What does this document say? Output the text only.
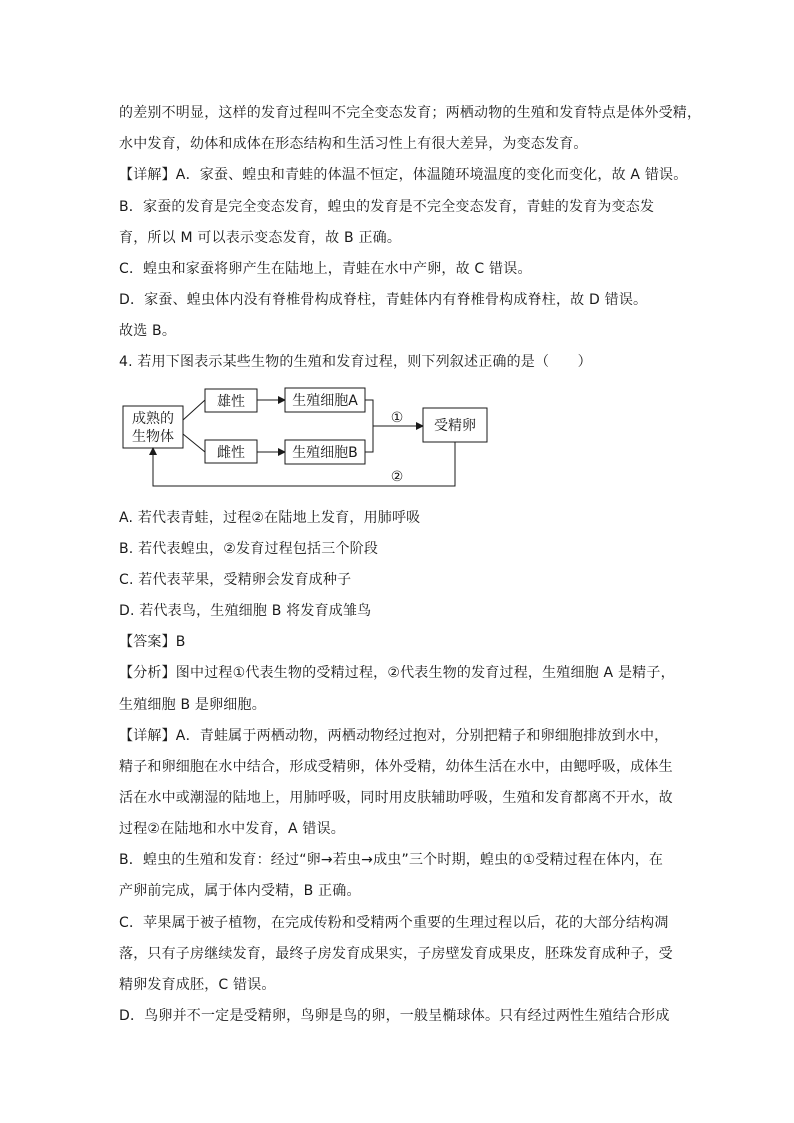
的差别不明显，这样的发育过程叫不完全变态发育；两栖动物的生殖和发育特点是体外受精，
水中发育，幼体和成体在形态结构和生活习性上有很大差异，为变态发育。
【详解】A．家蚕、蝗虫和青蛙的体温不恒定，体温随环境温度的变化而变化，故 A 错误。
B．家蚕的发育是完全变态发育，蝗虫的发育是不完全变态发育，青蛙的发育为变态发
育，所以 M 可以表示变态发育，故 B 正确。
C．蝗虫和家蚕将卵产生在陆地上，青蛙在水中产卵，故 C 错误。
D．家蚕、蝗虫体内没有脊椎骨构成脊柱，青蛙体内有脊椎骨构成脊柱，故 D 错误。
故选 B。
4. 若用下图表示某些生物的生殖和发育过程，则下列叙述正确的是（　　）
成熟的
生物体
雄性
雌性
生殖细胞A
生殖细胞B
① 受精卵
②
A. 若代表青蛙，过程②在陆地上发育，用肺呼吸
B. 若代表蝗虫，②发育过程包括三个阶段
C. 若代表苹果，受精卵会发育成种子
D. 若代表鸟，生殖细胞 B 将发育成雏鸟
【答案】B
【分析】图中过程①代表生物的受精过程，②代表生物的发育过程，生殖细胞 A 是精子，
生殖细胞 B 是卵细胞。
【详解】A．青蛙属于两栖动物，两栖动物经过抱对，分别把精子和卵细胞排放到水中，
精子和卵细胞在水中结合，形成受精卵，体外受精，幼体生活在水中，由鳃呼吸，成体生
活在水中或潮湿的陆地上，用肺呼吸，同时用皮肤辅助呼吸，生殖和发育都离不开水，故
过程②在陆地和水中发育，A 错误。
B．蝗虫的生殖和发育：经过“卵→若虫→成虫”三个时期，蝗虫的①受精过程在体内，在
产卵前完成，属于体内受精，B 正确。
C．苹果属于被子植物，在完成传粉和受精两个重要的生理过程以后，花的大部分结构凋
落，只有子房继续发育，最终子房发育成果实，子房壁发育成果皮，胚珠发育成种子，受
精卵发育成胚，C 错误。
D．鸟卵并不一定是受精卵，鸟卵是鸟的卵，一般呈椭球体。只有经过两性生殖结合形成
